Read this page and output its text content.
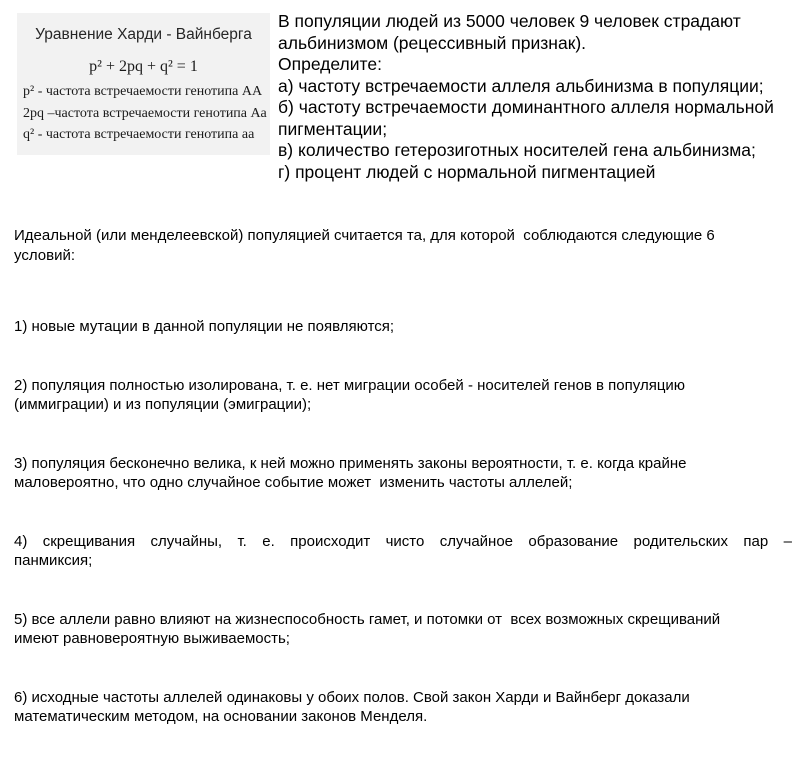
Уравнение Харди - Вайнберга
p² + 2pq + q² = 1
p² - частота встречаемости генотипа АА
2pq –частота встречаемости генотипа Аа
q² - частота встречаемости генотипа аа
В популяции людей из 5000 человек 9 человек страдают
альбинизмом (рецессивный признак).
Определите:
а) частоту встречаемости аллеля альбинизма в популяции;
б) частоту встречаемости доминантного аллеля нормальной
пигментации;
в) количество гетерозиготных носителей гена альбинизма;
г) процент людей с нормальной пигментацией

Идеальной (или менделеевской) популяцией считается та, для которой  соблюдаются следующие 6
условий:

1) новые мутации в данной популяции не появляются;

2) популяция полностью изолирована, т. е. нет миграции особей - носителей генов в популяцию
(иммиграции) и из популяции (эмиграции);

3) популяция бесконечно велика, к ней можно применять законы вероятности, т. е. когда крайне
маловероятно, что одно случайное событие может  изменить частоты аллелей;

4) скрещивания случайны, т. е. происходит чисто случайное образование родительских пар –
панмиксия;

5) все аллели равно влияют на жизнеспособность гамет, и потомки от  всех возможных скрещиваний
имеют равновероятную выживаемость;

6) исходные частоты аллелей одинаковы у обоих полов. Свой закон Харди и Вайнберг доказали
математическим методом, на основании законов Менделя.
